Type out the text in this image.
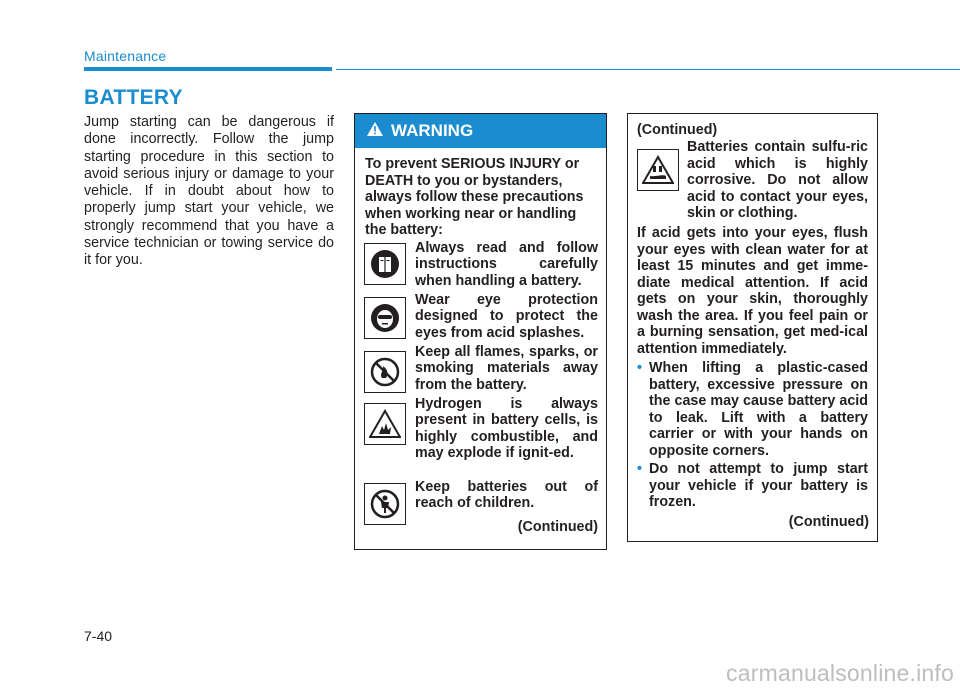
Maintenance
BATTERY
Jump starting can be dangerous if done incorrectly. Follow the jump starting procedure in this section to avoid serious injury or damage to your vehicle. If in doubt about how to properly jump start your vehicle, we strongly recommend that you have a service technician or towing service do it for you.
WARNING
To prevent SERIOUS INJURY or DEATH to you or bystanders, always follow these precautions when working near or handling the battery:
Always read and follow instructions carefully when handling a battery.
Wear eye protection designed to protect the eyes from acid splashes.
Keep all flames, sparks, or smoking materials away from the battery.
Hydrogen is always present in battery cells, is highly combustible, and may explode if ignit-ed.
Keep batteries out of reach of children.
(Continued)
(Continued)
Batteries contain sulfu-ric acid which is highly corrosive. Do not allow acid to contact your eyes, skin or clothing.
If acid gets into your eyes, flush your eyes with clean water for at least 15 minutes and get imme-diate medical attention. If acid gets on your skin, thoroughly wash the area. If you feel pain or a burning sensation, get med-ical attention immediately.
• When lifting a plastic-cased battery, excessive pressure on the case may cause battery acid to leak. Lift with a battery carrier or with your hands on opposite corners.
• Do not attempt to jump start your vehicle if your battery is frozen.
(Continued)
7-40
carmanualsonline.info
